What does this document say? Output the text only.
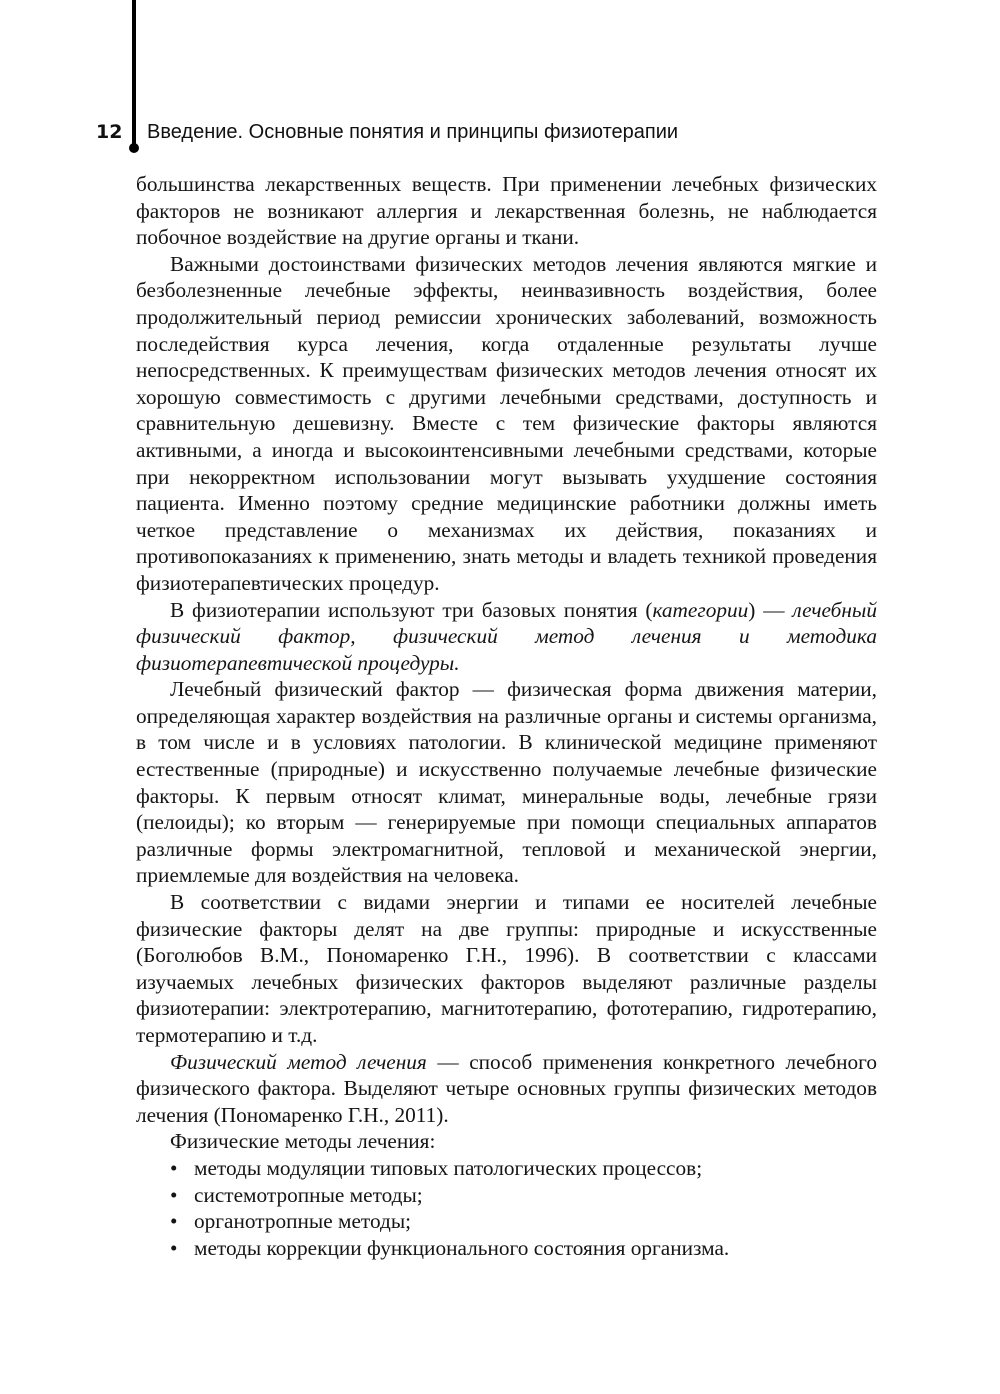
12 Введение. Основные понятия и принципы физиотерапии

большинства лекарственных веществ. При применении лечебных физических факторов не возникают аллергия и лекарственная болезнь, не наблюдается побочное воздействие на другие органы и ткани.

Важными достоинствами физических методов лечения являются мягкие и безболезненные лечебные эффекты, неинвазивность воздействия, более продолжительный период ремиссии хронических заболеваний, возможность последействия курса лечения, когда отдаленные результаты лучше непосредственных. К преимуществам физических методов лечения относят их хорошую совместимость с другими лечебными средствами, доступность и сравнительную дешевизну. Вместе с тем физические факторы являются активными, а иногда и высокоинтенсивными лечебными средствами, которые при некорректном использовании могут вызывать ухудшение состояния пациента. Именно поэтому средние медицинские работники должны иметь четкое представление о механизмах их действия, показаниях и противопоказаниях к применению, знать методы и владеть техникой проведения физиотерапевтических процедур.

В физиотерапии используют три базовых понятия (категории) — лечебный физический фактор, физический метод лечения и методика физиотерапевтической процедуры.

Лечебный физический фактор — физическая форма движения материи, определяющая характер воздействия на различные органы и системы организма, в том числе и в условиях патологии. В клинической медицине применяют естественные (природные) и искусственно получаемые лечебные физические факторы. К первым относят климат, минеральные воды, лечебные грязи (пелоиды); ко вторым — генерируемые при помощи специальных аппаратов различные формы электромагнитной, тепловой и механической энергии, приемлемые для воздействия на человека.

В соответствии с видами энергии и типами ее носителей лечебные физические факторы делят на две группы: природные и искусственные (Боголюбов В.М., Пономаренко Г.Н., 1996). В соответствии с классами изучаемых лечебных физических факторов выделяют различные разделы физиотерапии: электротерапию, магнитотерапию, фототерапию, гидротерапию, термотерапию и т.д.

Физический метод лечения — способ применения конкретного лечебного физического фактора. Выделяют четыре основных группы физических методов лечения (Пономаренко Г.Н., 2011).

Физические методы лечения:

• методы модуляции типовых патологических процессов;
• системотропные методы;
• органотропные методы;
• методы коррекции функционального состояния организма.
